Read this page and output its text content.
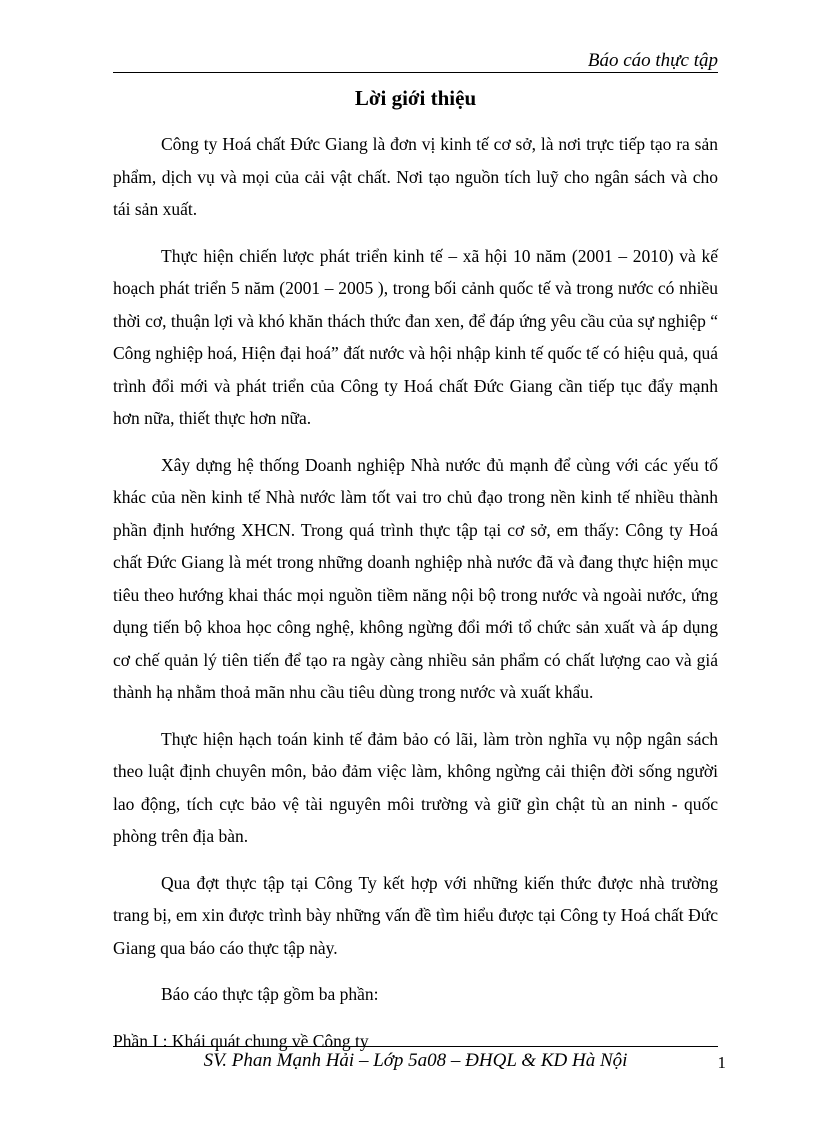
Báo cáo thực tập
Lời giới thiệu

Công ty Hoá chất Đức Giang là đơn vị kinh tế cơ sở, là nơi trực tiếp tạo ra sản phẩm, dịch vụ và mọi của cải vật chất. Nơi tạo nguồn tích luỹ cho ngân sách và cho tái sản xuất.

Thực hiện chiến lược phát triển kinh tế – xã hội 10 năm (2001 – 2010) và kế hoạch phát triển 5 năm (2001 – 2005 ), trong bối cảnh quốc tế và trong nước có nhiều thời cơ, thuận lợi và khó khăn thách thức đan xen, để đáp ứng yêu cầu của sự nghiệp “ Công nghiệp hoá, Hiện đại hoá” đất nước và hội nhập kinh tế quốc tế có hiệu quả, quá trình đổi mới và phát triển của Công ty Hoá chất Đức Giang cần tiếp tục đẩy mạnh hơn nữa, thiết thực hơn nữa.

Xây dựng hệ thống Doanh nghiệp Nhà nước đủ mạnh để cùng với các yếu tố khác của nền kinh tế Nhà nước làm tốt vai tro chủ đạo trong nền kinh tế nhiều thành phần định hướng XHCN. Trong quá trình thực tập tại cơ sở, em thấy: Công ty Hoá chất Đức Giang là mét trong những doanh nghiệp nhà nước đã và đang thực hiện mục tiêu theo hướng khai thác mọi nguồn tiềm năng nội bộ trong nước và ngoài nước, ứng dụng tiến bộ khoa học công nghệ, không ngừng đổi mới tổ chức sản xuất và áp dụng cơ chế quản lý tiên tiến để tạo ra ngày càng nhiều sản phẩm có chất lượng cao và giá thành hạ nhằm thoả mãn nhu cầu tiêu dùng trong nước và xuất khẩu.

Thực hiện hạch toán kinh tế đảm bảo có lãi, làm tròn nghĩa vụ nộp ngân sách theo luật định chuyên môn, bảo đảm việc làm, không ngừng cải thiện đời sống người lao động, tích cực bảo vệ tài nguyên môi trường và giữ gìn chật tù an ninh - quốc phòng trên địa bàn.

Qua đợt thực tập tại Công Ty kết hợp với những kiến thức được nhà trường trang bị, em xin được trình bày những vấn đề tìm hiểu được tại Công ty Hoá chất Đức Giang qua báo cáo thực tập này.

Báo cáo thực tập gồm ba phần:

Phần I : Khái quát chung về Công ty

SV. Phan Mạnh Hải – Lớp 5a08 – ĐHQL & KD Hà Nội	1
